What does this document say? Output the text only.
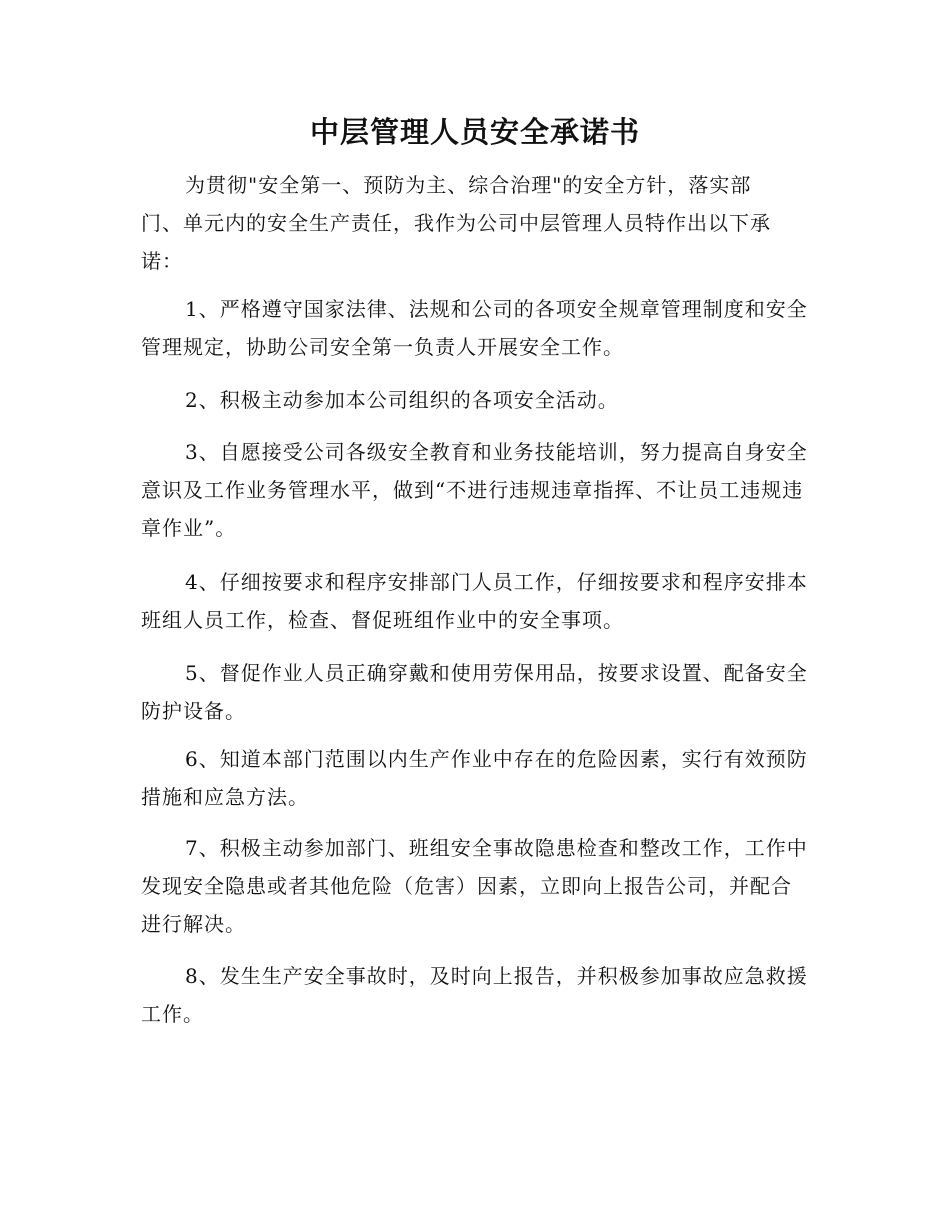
中层管理人员安全承诺书
为贯彻"安全第一、预防为主、综合治理"的安全方针，落实部门、单元内的安全生产责任，我作为公司中层管理人员特作出以下承诺：
1、严格遵守国家法律、法规和公司的各项安全规章管理制度和安全管理规定，协助公司安全第一负责人开展安全工作。
2、积极主动参加本公司组织的各项安全活动。
3、自愿接受公司各级安全教育和业务技能培训，努力提高自身安全意识及工作业务管理水平，做到“不进行违规违章指挥、不让员工违规违章作业”。
4、仔细按要求和程序安排部门人员工作，仔细按要求和程序安排本班组人员工作，检查、督促班组作业中的安全事项。
5、督促作业人员正确穿戴和使用劳保用品，按要求设置、配备安全防护设备。
6、知道本部门范围以内生产作业中存在的危险因素，实行有效预防措施和应急方法。
7、积极主动参加部门、班组安全事故隐患检查和整改工作，工作中发现安全隐患或者其他危险（危害）因素，立即向上报告公司，并配合进行解决。
8、发生生产安全事故时，及时向上报告，并积极参加事故应急救援工作。
